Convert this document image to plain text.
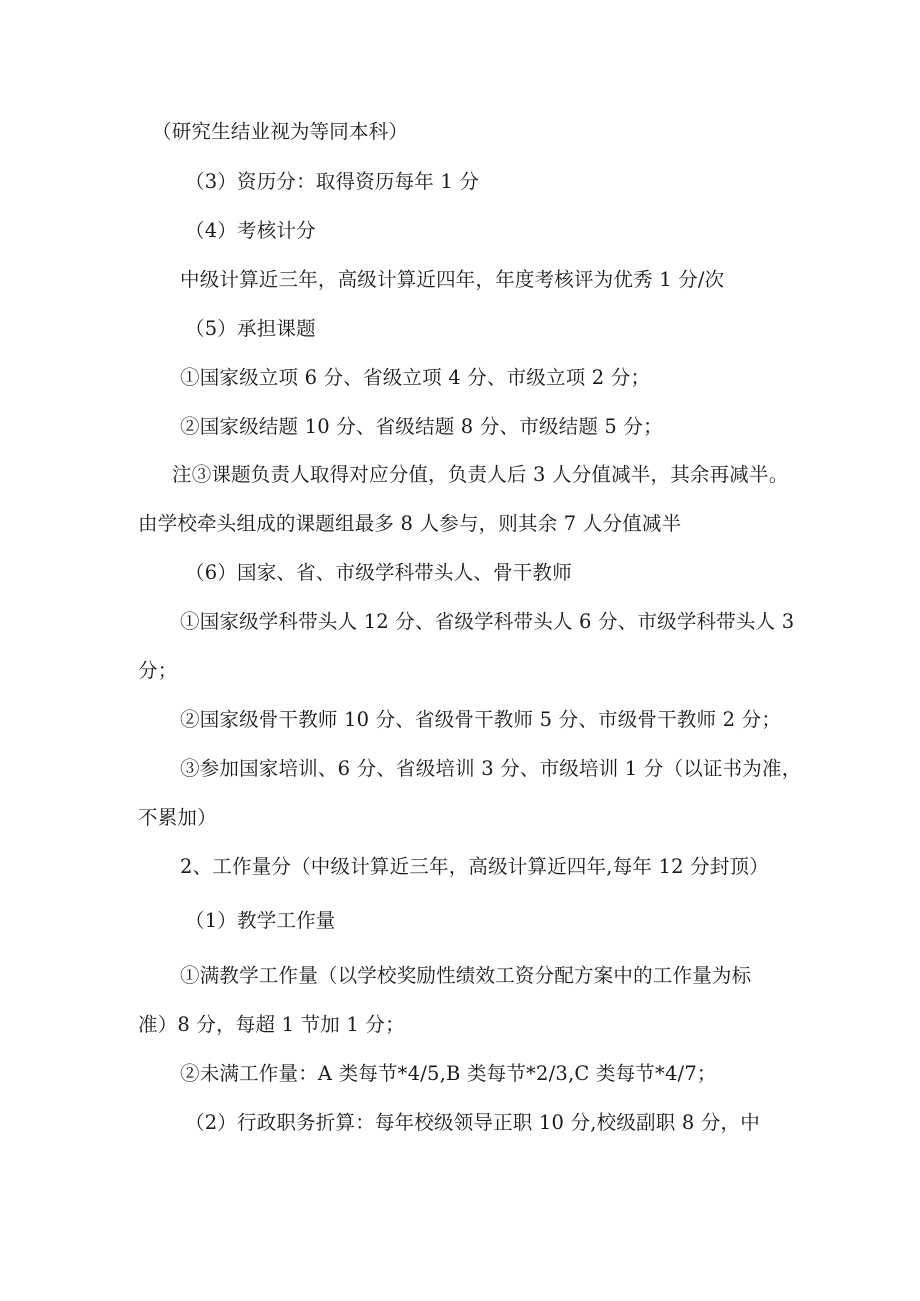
（研究生结业视为等同本科）
（3）资历分：取得资历每年 1 分
（4）考核计分
中级计算近三年，高级计算近四年，年度考核评为优秀 1 分/次
（5）承担课题
①国家级立项 6 分、省级立项 4 分、市级立项 2 分；
②国家级结题 10 分、省级结题 8 分、市级结题 5 分；
注③课题负责人取得对应分值，负责人后 3 人分值减半，其余再减半。
由学校牵头组成的课题组最多 8 人参与，则其余 7 人分值减半
（6）国家、省、市级学科带头人、骨干教师
①国家级学科带头人 12 分、省级学科带头人 6 分、市级学科带头人 3
分；
②国家级骨干教师 10 分、省级骨干教师 5 分、市级骨干教师 2 分；
③参加国家培训、6 分、省级培训 3 分、市级培训 1 分（以证书为准，
不累加）
2、工作量分（中级计算近三年，高级计算近四年,每年 12 分封顶）
（1）教学工作量
①满教学工作量（以学校奖励性绩效工资分配方案中的工作量为标
准）8 分，每超 1 节加 1 分；
②未满工作量：A 类每节*4/5,B 类每节*2/3,C 类每节*4/7；
（2）行政职务折算：每年校级领导正职 10 分,校级副职 8 分，中
